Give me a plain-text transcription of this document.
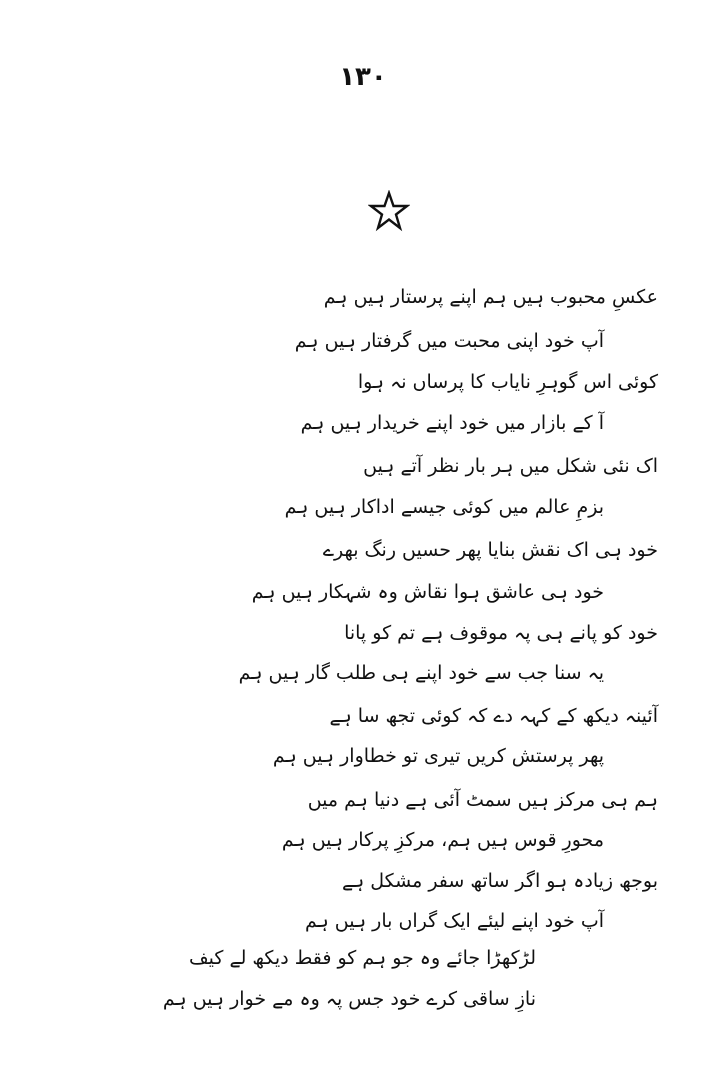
۱۳۰
عکسِ محبوب ہیں ہم اپنے پرستار ہیں ہم
آپ خود اپنی محبت میں گرفتار ہیں ہم
کوئی اس گوہرِ نایاب کا پرساں نہ ہوا
آ کے بازار میں خود اپنے خریدار ہیں ہم
اک نئی شکل میں ہر بار نظر آتے ہیں
بزمِ عالم میں کوئی جیسے اداکار ہیں ہم
خود ہی اک نقش بنایا پھر حسیں رنگ بھرے
خود ہی عاشق ہوا نقاش وہ شہکار ہیں ہم
خود کو پانے ہی پہ موقوف ہے تم کو پانا
یہ سنا جب سے خود اپنے ہی طلب گار ہیں ہم
آئینہ دیکھ کے کہہ دے کہ کوئی تجھ سا ہے
پھر پرستش کریں تیری تو خطاوار ہیں ہم
ہم ہی مرکز ہیں سمٹ آئی ہے دنیا ہم میں
محورِ قوس ہیں ہم، مرکزِ پرکار ہیں ہم
بوجھ زیادہ ہو اگر ساتھ سفر مشکل ہے
آپ خود اپنے لیئے ایک گراں بار ہیں ہم
لڑکھڑا جائے وہ جو ہم کو فقط دیکھ لے کیف
نازِ ساقی کرے خود جس پہ وہ مے خوار ہیں ہم
